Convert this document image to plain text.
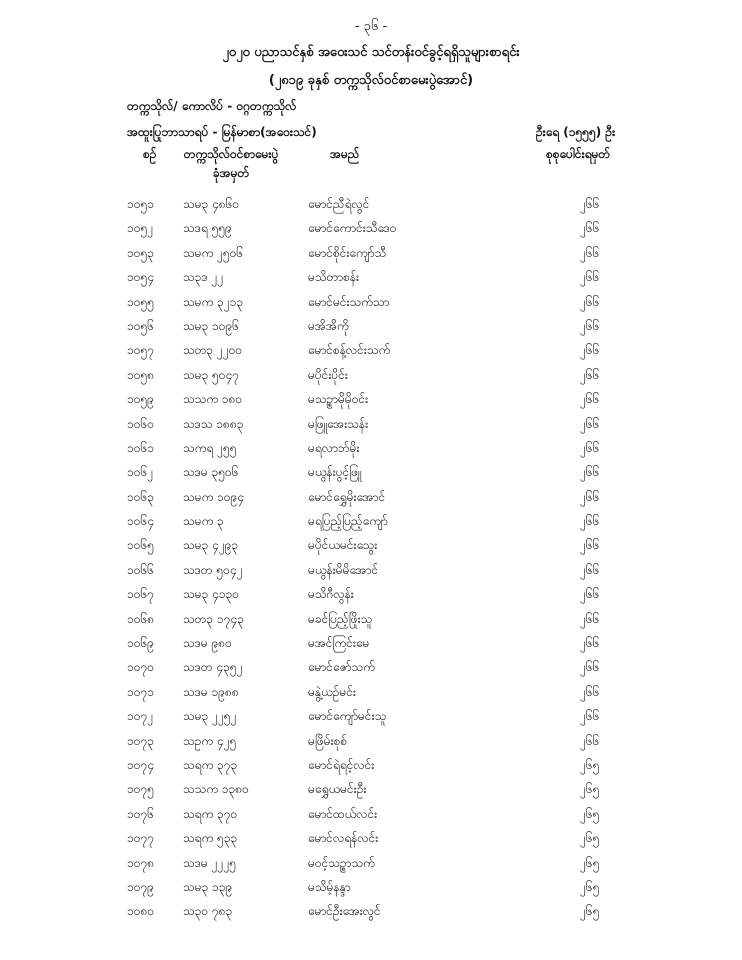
- ၃၆ -
၂၀၂၀ ပညာသင်နှစ် အဝေးသင် သင်တန်းဝင်ခွင့်ရရှိသူများစာရင်း
(၂၈၁၉ ခုနှစ် တက္ကသိုလ်ဝင်စာမေးပွဲအောင်)
တက္ကသိုလ်/ ကောလိပ် - ဝဂ္ဂတက္ကသိုလ်
အထူးပြုဘာသာရပ် - မြန်မာစာ(အဝေးသင်)	ဦးရေ (၁၅၅၅) ဦး
စဉ်	တက္ကသိုလ်ဝင်စာမေးပွဲ
ခုံအမှတ်
အမည်	စုစုပေါင်းရမှတ်
၁၀၅၁ သမ၃ ၄၈၆၀	မောင်ညီရဲလွင်	၂၆၆
၁၀၅၂ သဒရ ၅၅၉	မောင်ကောင်းသီဒေဝ	၂၆၆
၁၀၅၃ သမက ၂၅၀၆	မောင်စိုင်းကျော်သီ	၂၆၆
၁၀၅၄ သ၃ဒ ၂၂	မသိတာစန်း	၂၆၆
၁၀၅၅ သမက ၃၂၁၃	မောင်မင်းသက်သာ	၂၆၆
၁၀၅၆ သမ၃ ၁၀၉၆	မအိအိကို	၂၆၆
၁၀၅၇ သတ၃ ၂၂၀၀	မောင်စန့်လင်းသက်	၂၆၆
၁၀၅၈ သမ၃ ၅၀၄၇	မပိုင်းပိုင်း	၂၆၆
၁၀၅၉ သသက ၁၈၀	မသဥ္စာမိုမိုဝင်း	၂၆၆
၁၀၆၀ သဒသ ၁၈၈၃	မဖြူအေးသန်း	၂၆၆
၁၀၆၁ သကရ ၂၅၅	မရလာဘ်မိုး	၂၆၆
၁၀၆၂ သဒမ ၃၅၀၆	မယွန်းပွင့်ဖြူ	၂၆၆
၁၀၆၃ သမက ၁၀၉၄	မောင်ရွှေမိုးအောင်	၂၆၆
၁၀၆၄ သမက ၃	မရပြည့်ပြည့်ကျော်	၂၆၆
၁၀၆၅ သမ၃ ၄၂၉၃	မပိုင်ယမင်းသွေး	၂၆၆
၁၀၆၆ သဒတ ၅၀၄၂	မယွန်းမိမိအောင်	၂၆၆
၁၀၆၇ သမ၃ ၄၁၃၀	မသိဂီလွန်း	၂၆၆
၁၀၆၈ သတ၃ ၁၇၄၃	မခင်ပြည့်ဖြိုးသူ	၂၆၆
၁၀၆၉ သဒမ ၉၈၀	မအင်ကြင်းမေ	၂၆၆
၁၀၇၀ သဒတ ၄၃၅၂	မောင်ဇော်သက်	၂၆၆
၁၀၇၁ သဒမ ၁၉၈၈	မနွဲ့ယဉ်မင်း	၂၆၆
၁၀၇၂ သမ၃ ၂၂၅၂	မောင်ကျော်မင်းသူ	၂၆၆
၁၀၇၃ သဥက ၄၂၅	မဖြိမ်းစုစ်	၂၆၆
၁၀၇၄ သရက ၃၇၃	မောင်ရဲရင့်လင်း	၂၆၅
၁၀၇၅ သသက ၁၃၈၀	မရွှေယမင်းဦး	၂၆၅
၁၀၇၆ သရက ၃၇၀	မောင်ထယ်လင်း	၂၆၅
၁၀၇၇ သရက ၅၃၃	မောင်လရန်လင်း	၂၆၅
၁၀၇၈ သဒမ ၂၂၂၅	မဝင့်သဥ္စာသက်	၂၆၅
၁၀၇၉ သမ၃ ၁၃၉	မသိမ့်နန္ဒာ	၂၆၅
၁၀၈၀ သ၃၀ ၇၈၃	မောင်ဦးအေးလွင်	၂၆၅
